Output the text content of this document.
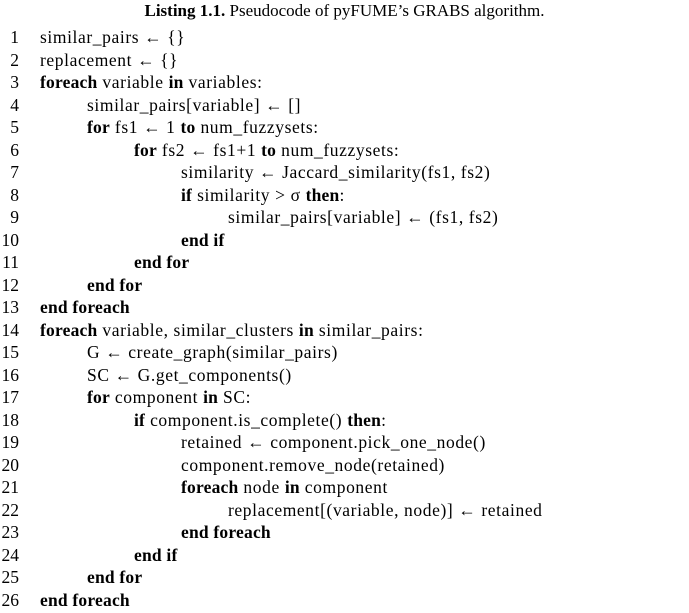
Listing 1.1. Pseudocode of pyFUME’s GRABS algorithm.
1 similar_pairs ← {}
2 replacement ← {}
3 foreach variable in variables:
4	similar_pairs[variable] ← []
5	for fs1 ← 1 to num_fuzzysets:
6	for fs2 ← fs1+1 to num_fuzzysets:
7	similarity ← Jaccard_similarity(fs1, fs2)
8	if similarity > σ then:
9	similar_pairs[variable] ← (fs1, fs2)
10	end if
11	end for
12	end for
13 end foreach
14 foreach variable, similar_clusters in similar_pairs:
15	G ← create_graph(similar_pairs)
16	SC ← G.get_components()
17	for component in SC:
18	if component.is_complete() then:
19	retained ← component.pick_one_node()
20	component.remove_node(retained)
21	foreach node in component
22	replacement[(variable, node)] ← retained
23	end foreach
24	end if
25	end for
26 end foreach
